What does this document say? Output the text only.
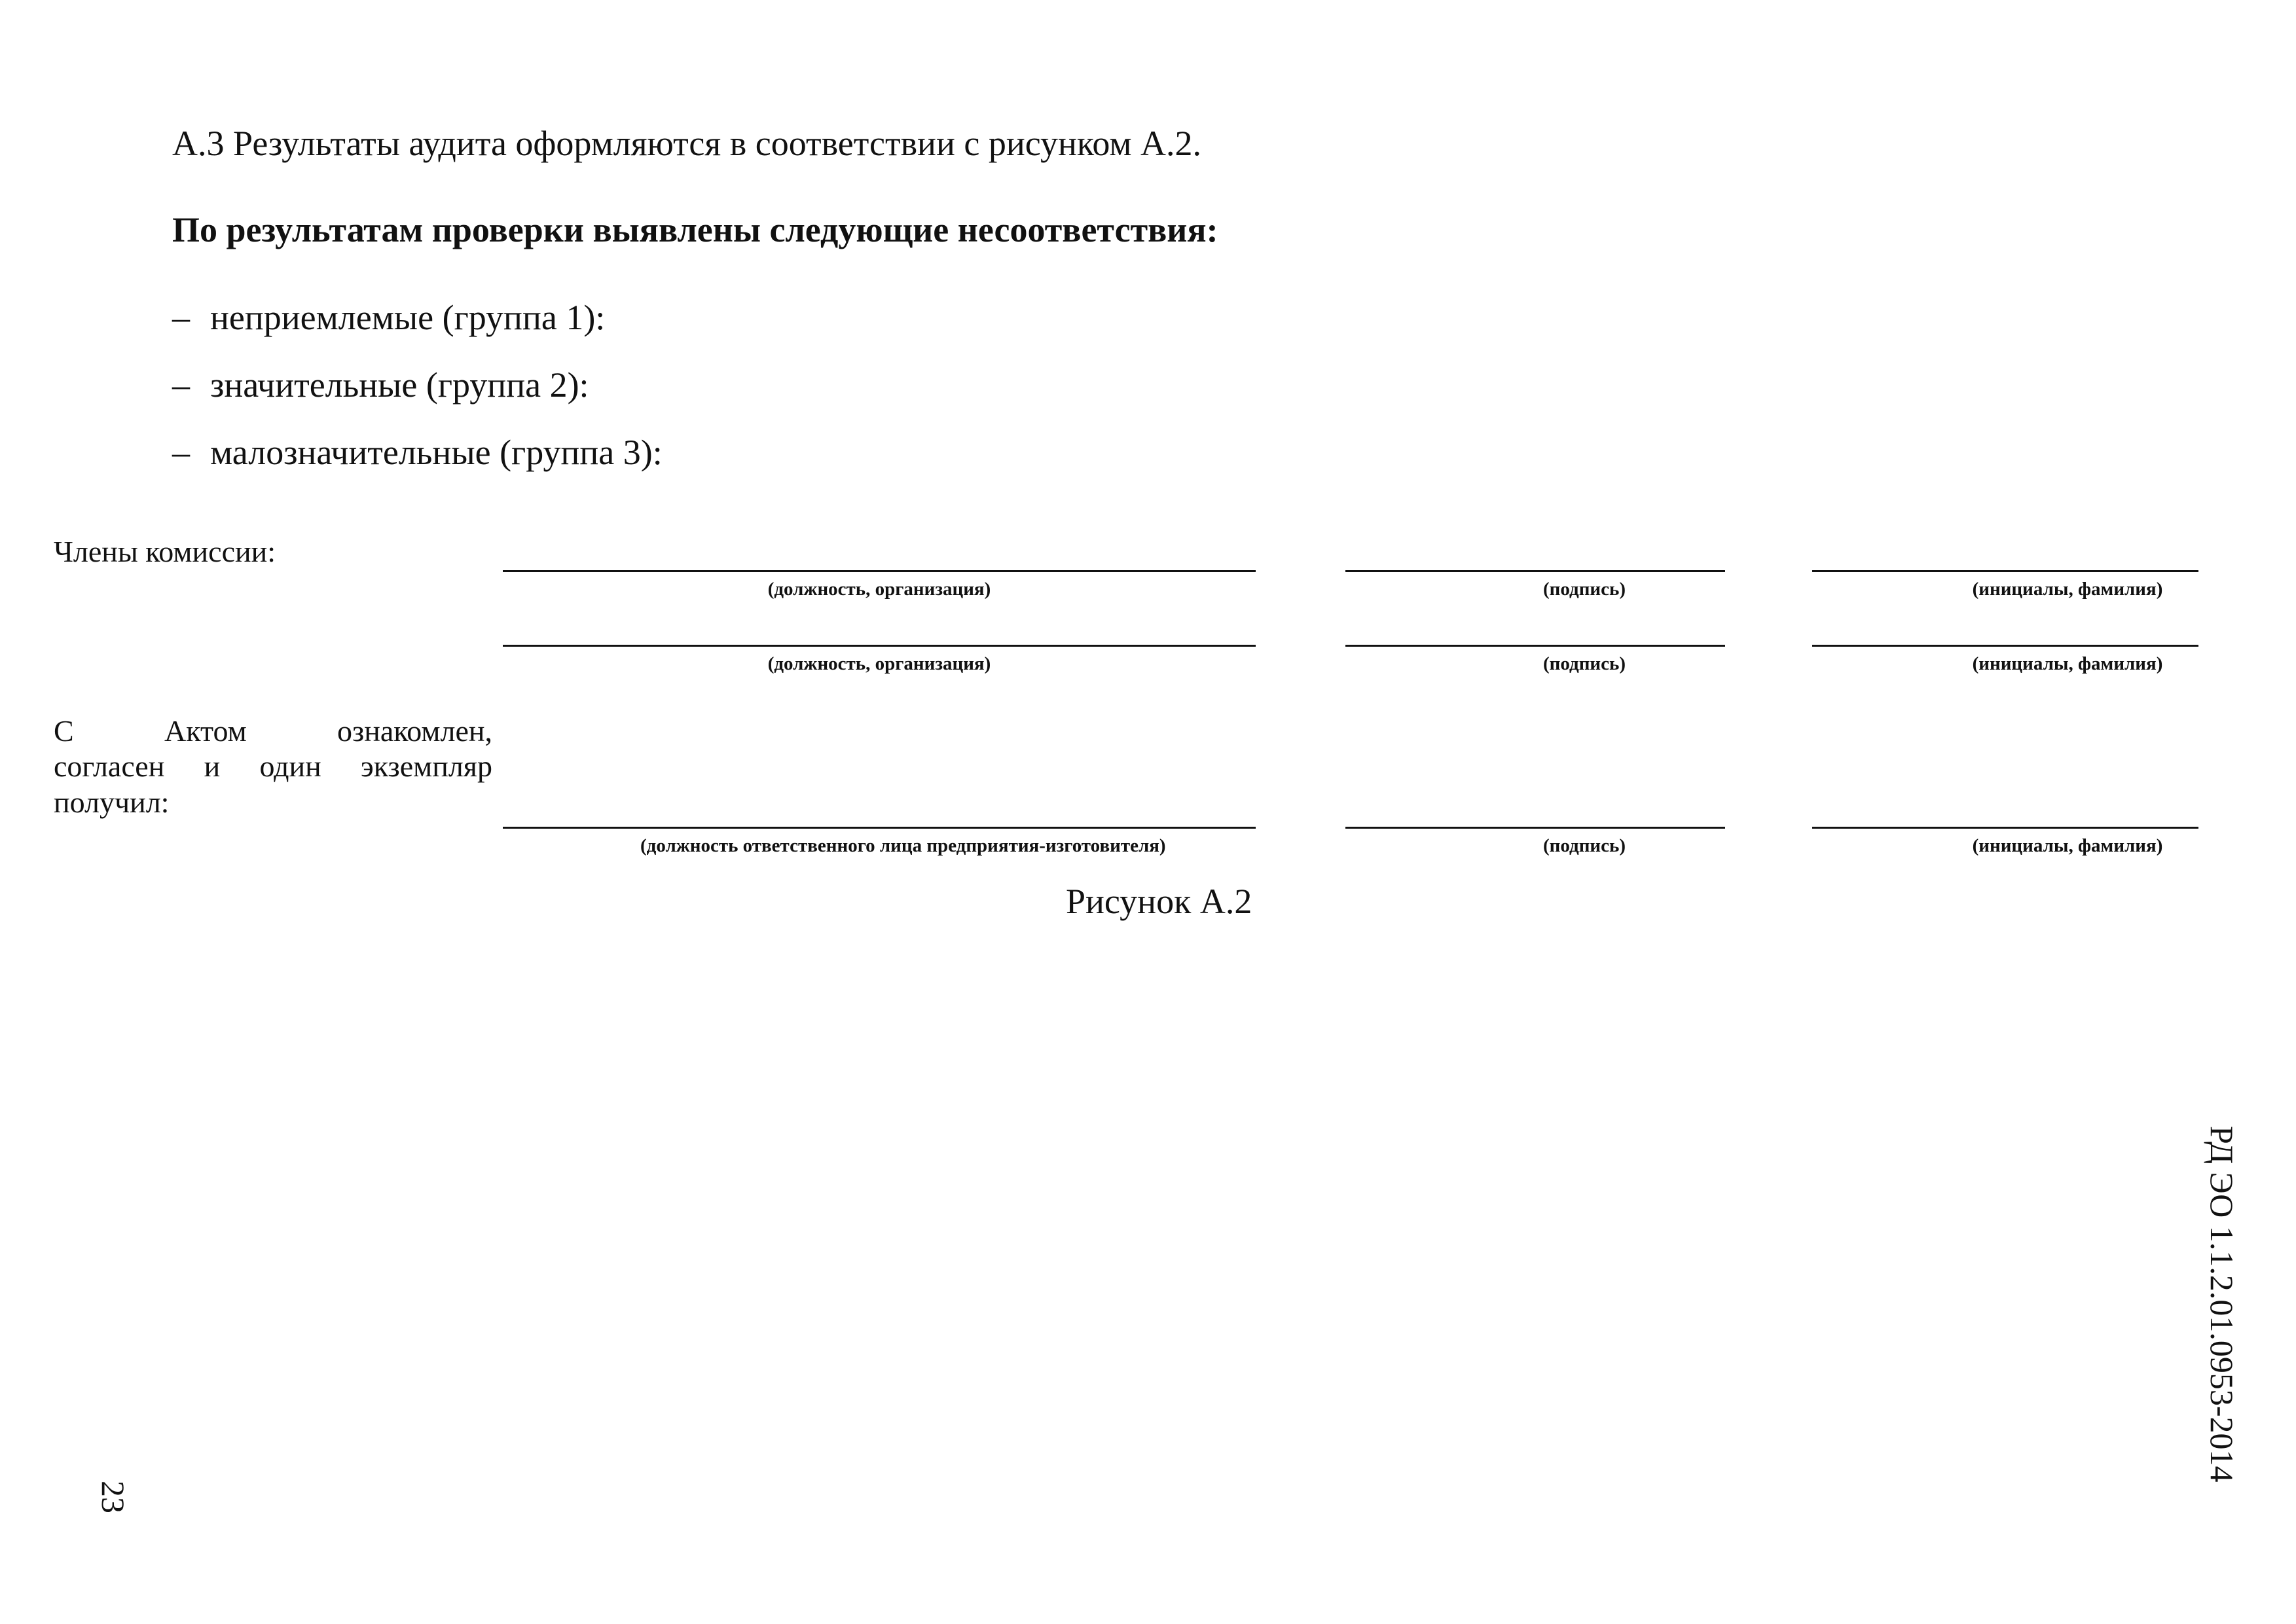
А.3 Результаты аудита оформляются в соответствии с рисунком А.2.
По результатам проверки выявлены следующие несоответствия:
– неприемлемые (группа 1):
– значительные (группа 2):
– малозначительные (группа 3):
Члены комиссии:
(должность, организация)	(подпись)	(инициалы, фамилия)
(должность, организация)	(подпись)	(инициалы, фамилия)
С	Актом	ознакомлен,
согласен и один экземпляр
получил:
(должность ответственного лица предприятия-изготовителя)	(подпись)	(инициалы, фамилия)
Рисунок А.2
РД ЭО 1.1.2.01.0953-2014
23
